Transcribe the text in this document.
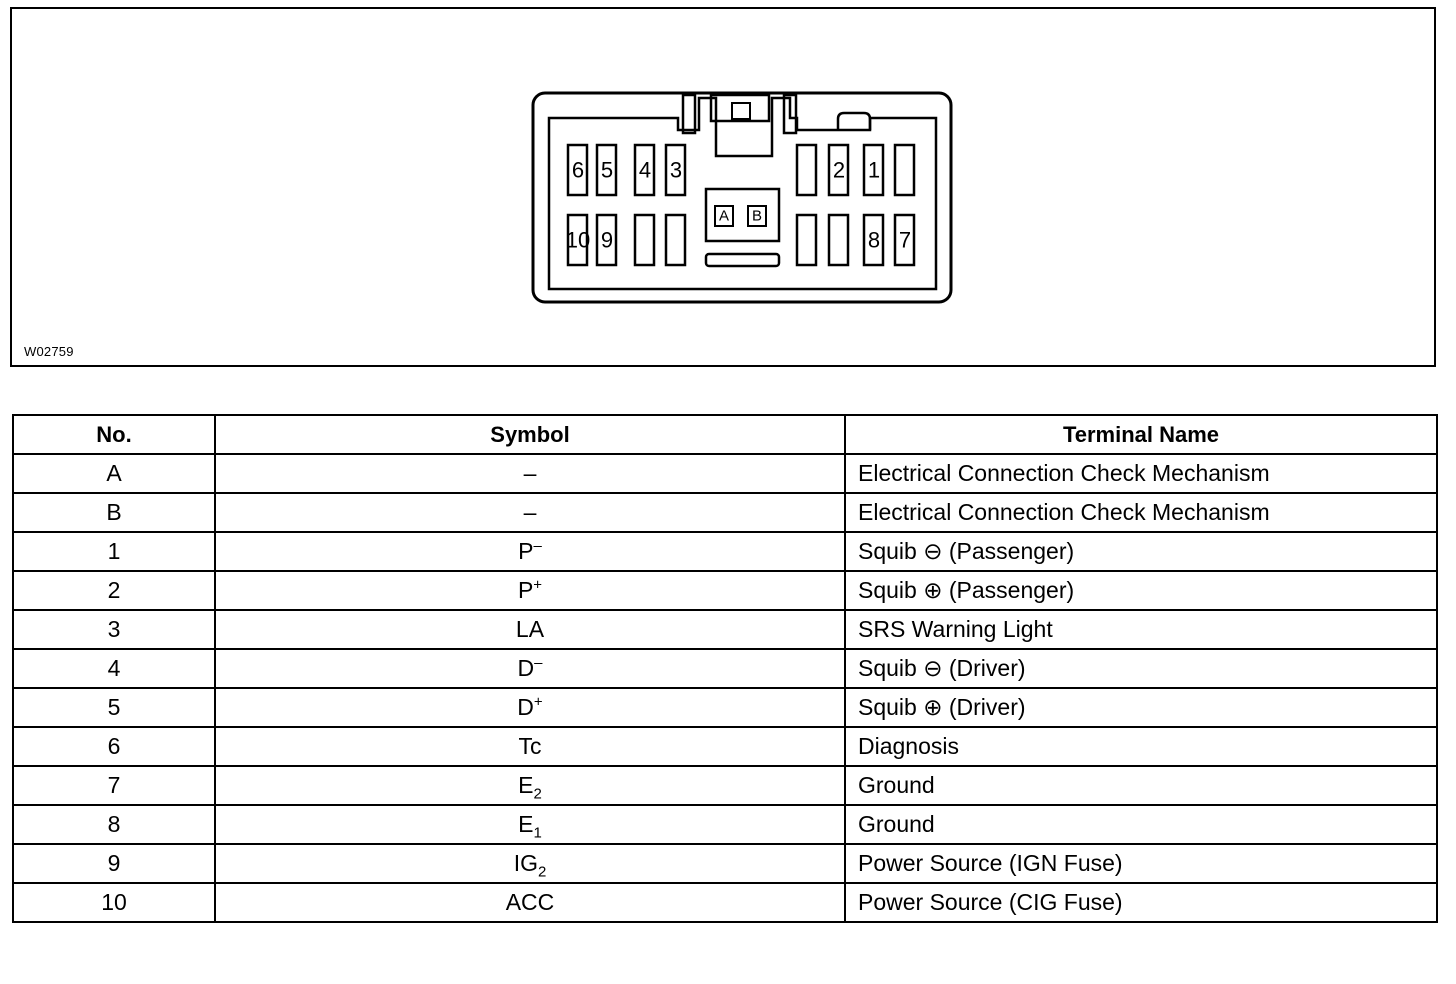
6 5 4 3	2 1
10 9	8 7
A B
W02759
No.	Symbol	Terminal Name
A	–	Electrical Connection Check Mechanism
B	–	Electrical Connection Check Mechanism
1	P–	Squib ⊖ (Passenger)
2	P+	Squib ⊕ (Passenger)
3	LA	SRS Warning Light
4	D–	Squib ⊖ (Driver)
5	D+	Squib ⊕ (Driver)
6	Tc	Diagnosis
7	$E_2$	Ground
8	$E_1$	Ground
9	$IG_2$	Power Source (IGN Fuse)
10	ACC	Power Source (CIG Fuse)
